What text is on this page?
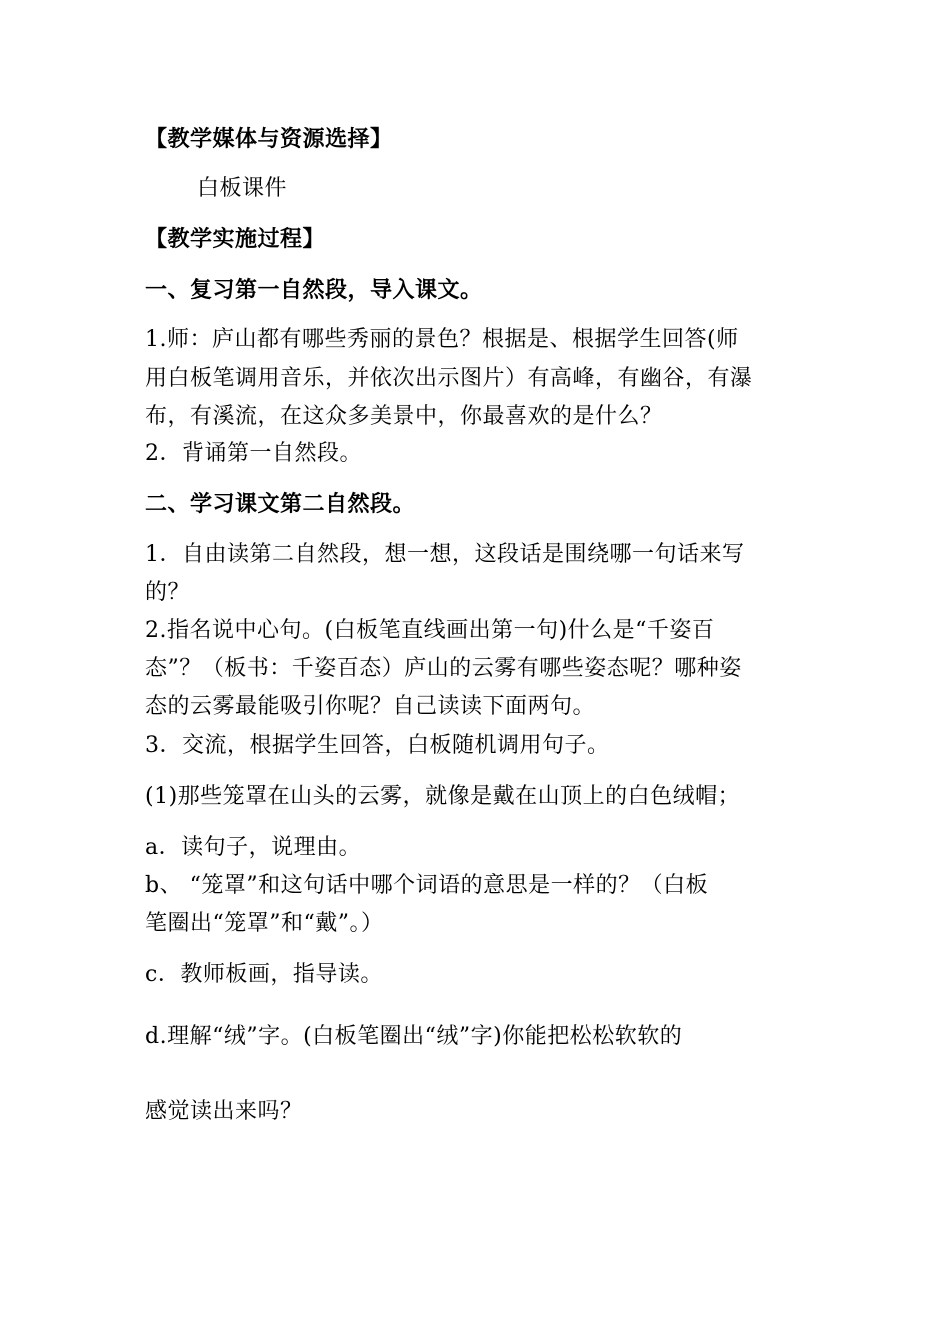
【教学媒体与资源选择】
白板课件
【教学实施过程】
一、复习第一自然段，导入课文。
1.师：庐山都有哪些秀丽的景色？根据是、根据学生回答(师
用白板笔调用音乐，并依次出示图片）有高峰，有幽谷，有瀑
布，有溪流，在这众多美景中，你最喜欢的是什么？
2．背诵第一自然段。
二、学习课文第二自然段。
1．自由读第二自然段，想一想，这段话是围绕哪一句话来写
的？
2.指名说中心句。(白板笔直线画出第一句)什么是“千姿百
态”？（板书：千姿百态）庐山的云雾有哪些姿态呢？哪种姿
态的云雾最能吸引你呢？自己读读下面两句。
3．交流，根据学生回答，白板随机调用句子。
(1)那些笼罩在山头的云雾，就像是戴在山顶上的白色绒帽；
a．读句子，说理由。
b、 “笼罩”和这句话中哪个词语的意思是一样的？（白板
笔圈出“笼罩”和“戴”。）
c．教师板画，指导读。
d.理解“绒”字。(白板笔圈出“绒”字)你能把松松软软的
感觉读出来吗？
